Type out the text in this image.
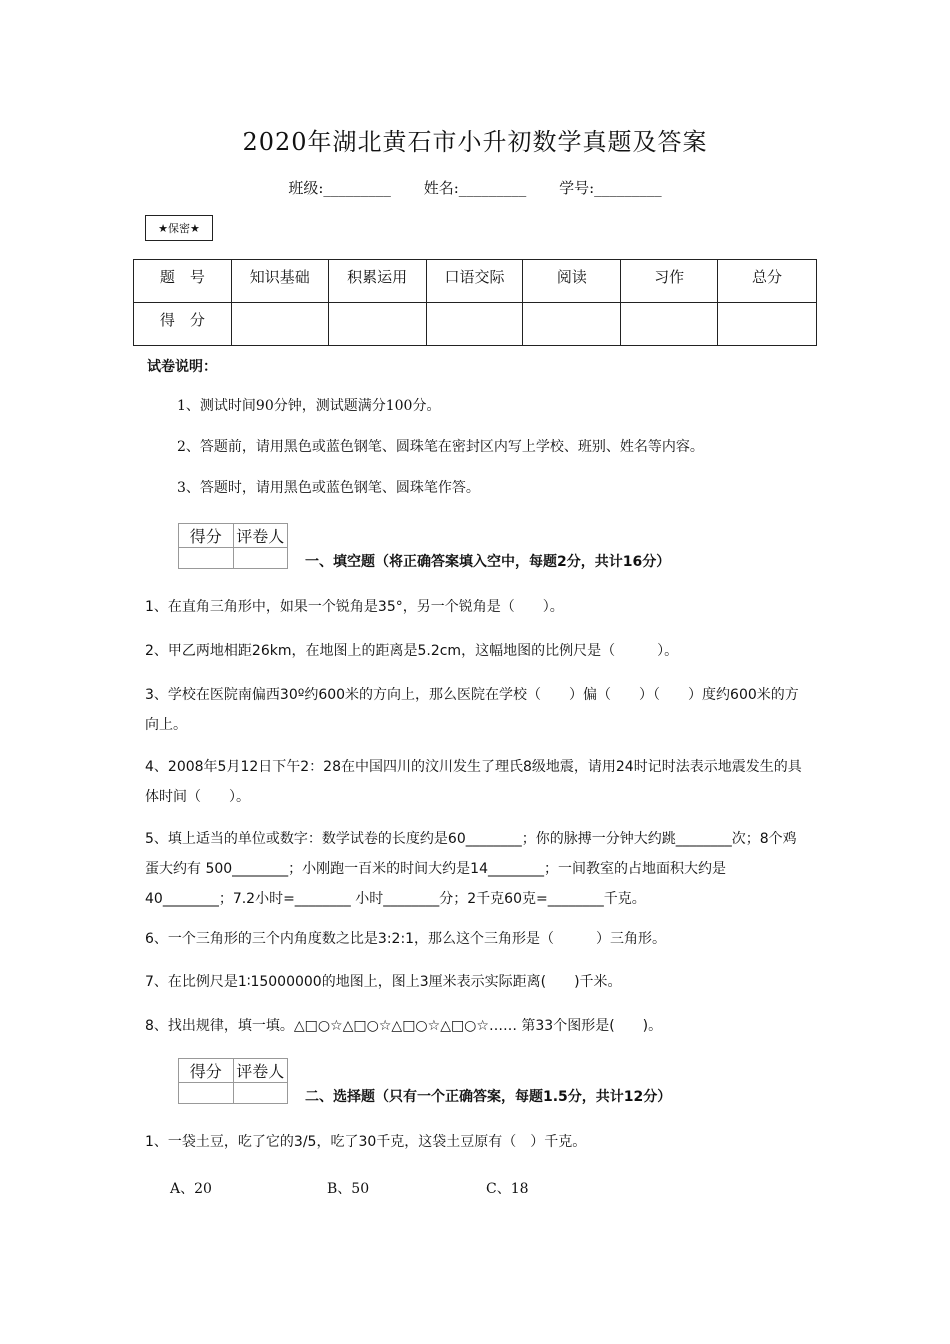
2020年湖北黄石市小升初数学真题及答案
班级:_________ 姓名:_________ 学号:_________
★保密★
题　号	知识基础	积累运用	口语交际	阅读	习作	总分
得　分						
试卷说明：
1、测试时间90分钟，测试题满分100分。
2、答题前，请用黑色或蓝色钢笔、圆珠笔在密封区内写上学校、班别、姓名等内容。
3、答题时，请用黑色或蓝色钢笔、圆珠笔作答。
得分	评卷人

一、填空题（将正确答案填入空中，每题2分，共计16分）
1、在直角三角形中，如果一个锐角是35°，另一个锐角是（　　）。
2、甲乙两地相距26km，在地图上的距离是5.2cm，这幅地图的比例尺是（　　　）。
3、学校在医院南偏西30º约600米的方向上，那么医院在学校（　　）偏（　　）（　　）度约600米的方向上。
4、2008年5月12日下午2：28在中国四川的汶川发生了理氏8级地震，请用24时记时法表示地震发生的具体时间（　　）。
5、填上适当的单位或数字：数学试卷的长度约是60________；你的脉搏一分钟大约跳________次；8个鸡蛋大约有 500________；小刚跑一百米的时间大约是14________；一间教室的占地面积大约是40________；7.2小时=________ 小时________分；2千克60克=________千克。
6、一个三角形的三个内角度数之比是3:2:1，那么这个三角形是（　　　）三角形。
7、在比例尺是1∶15000000的地图上，图上3厘米表示实际距离(　　)千米。
8、找出规律，填一填。△□○☆△□○☆△□○☆△□○☆…… 第33个图形是(　　)。
得分	评卷人

二、选择题（只有一个正确答案，每题1.5分，共计12分）
1、一袋土豆，吃了它的3/5，吃了30千克，这袋土豆原有（　）千克。
A、20	B、50	C、18
